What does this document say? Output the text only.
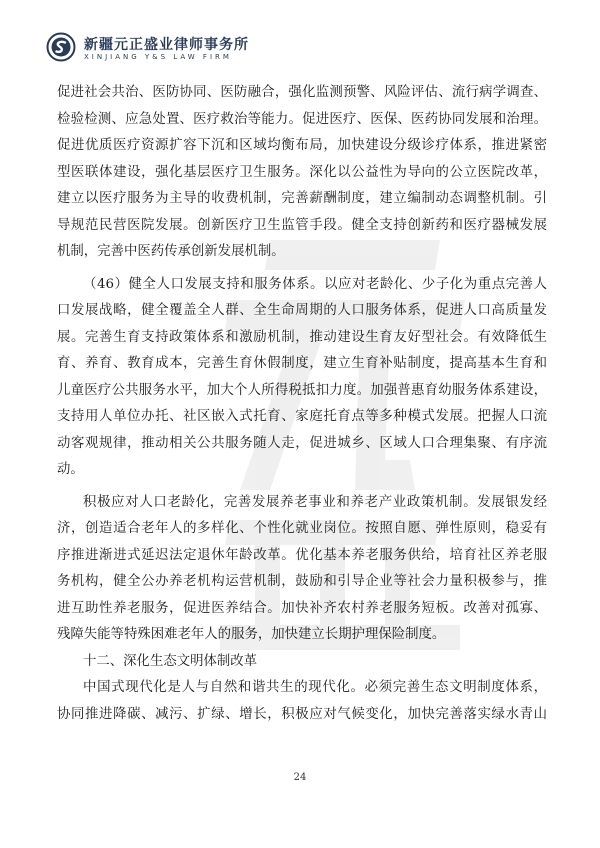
新疆元正盛业律师事务所
XINJIANG Y&S LAW FIRM
促进社会共治、医防协同、医防融合，强化监测预警、风险评估、流行病学调查、
检验检测、应急处置、医疗救治等能力。促进医疗、医保、医药协同发展和治理。
促进优质医疗资源扩容下沉和区域均衡布局，加快建设分级诊疗体系，推进紧密
型医联体建设，强化基层医疗卫生服务。深化以公益性为导向的公立医院改革，
建立以医疗服务为主导的收费机制，完善薪酬制度，建立编制动态调整机制。引
导规范民营医院发展。创新医疗卫生监管手段。健全支持创新药和医疗器械发展
机制，完善中医药传承创新发展机制。
（46）健全人口发展支持和服务体系。以应对老龄化、少子化为重点完善人
口发展战略，健全覆盖全人群、全生命周期的人口服务体系，促进人口高质量发
展。完善生育支持政策体系和激励机制，推动建设生育友好型社会。有效降低生
育、养育、教育成本，完善生育休假制度，建立生育补贴制度，提高基本生育和
儿童医疗公共服务水平，加大个人所得税抵扣力度。加强普惠育幼服务体系建设，
支持用人单位办托、社区嵌入式托育、家庭托育点等多种模式发展。把握人口流
动客观规律，推动相关公共服务随人走，促进城乡、区域人口合理集聚、有序流
动。
积极应对人口老龄化，完善发展养老事业和养老产业政策机制。发展银发经
济，创造适合老年人的多样化、个性化就业岗位。按照自愿、弹性原则，稳妥有
序推进渐进式延迟法定退休年龄改革。优化基本养老服务供给，培育社区养老服
务机构，健全公办养老机构运营机制，鼓励和引导企业等社会力量积极参与，推
进互助性养老服务，促进医养结合。加快补齐农村养老服务短板。改善对孤寡、
残障失能等特殊困难老年人的服务，加快建立长期护理保险制度。
十二、深化生态文明体制改革
中国式现代化是人与自然和谐共生的现代化。必须完善生态文明制度体系，
协同推进降碳、减污、扩绿、增长，积极应对气候变化，加快完善落实绿水青山
24
